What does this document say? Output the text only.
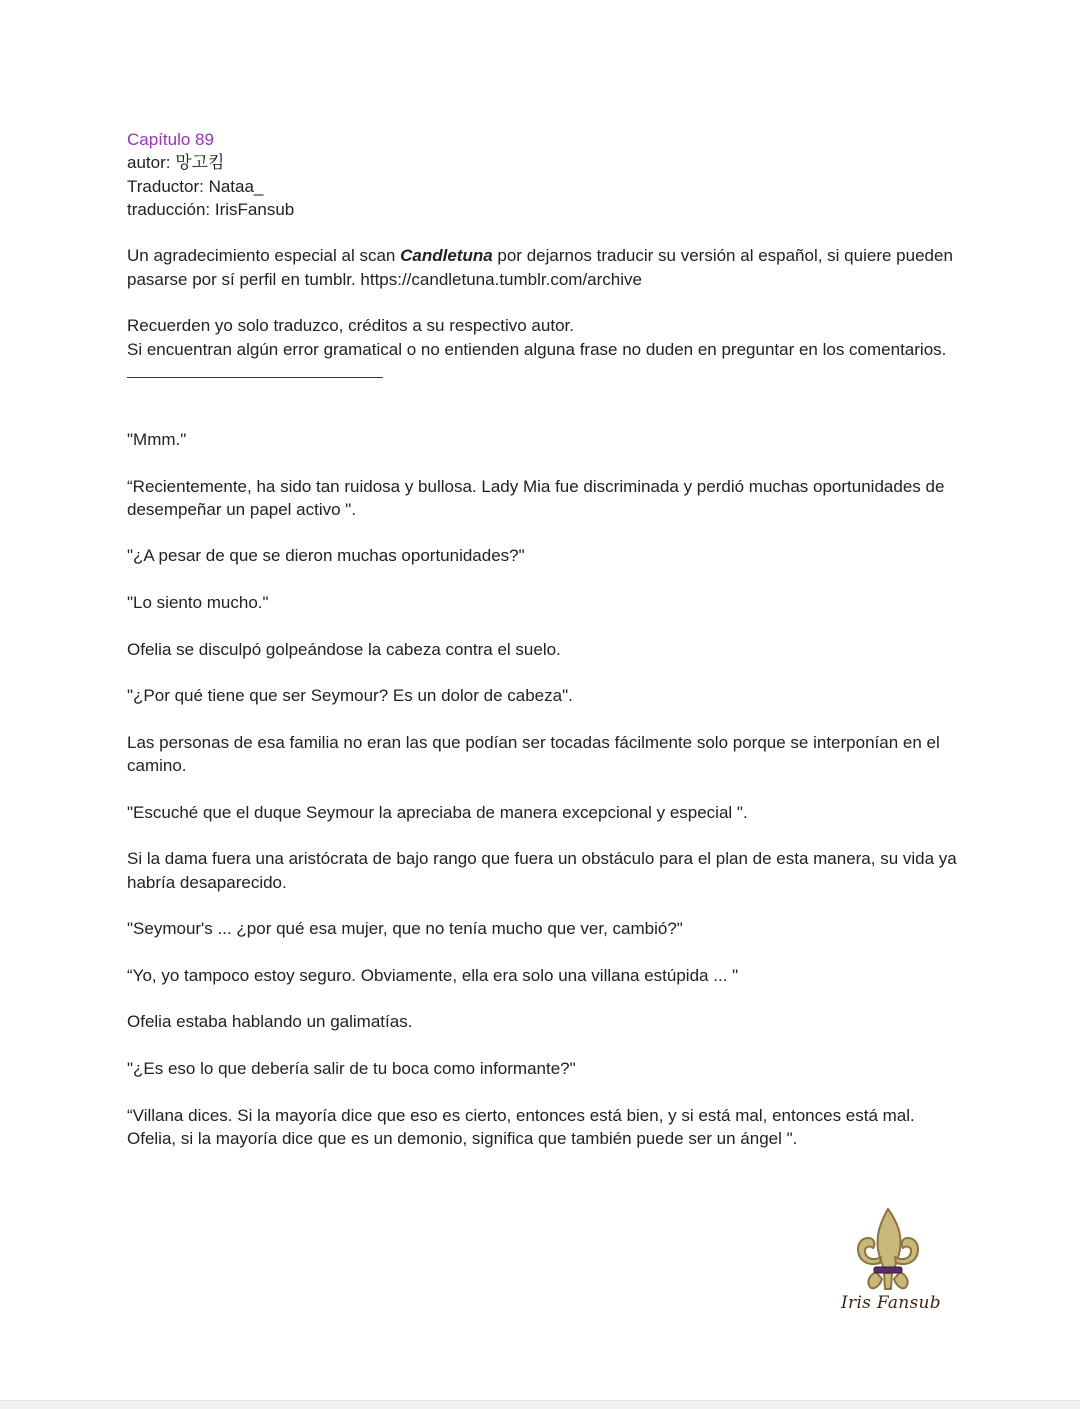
Capítulo 89

autor: 망고킴

Traductor: Nataa_

traducción: IrisFansub

Un agradecimiento especial al scan Candletuna por dejarnos traducir su versión al español, si quiere pueden pasarse por sí perfil en tumblr. https://candletuna.tumblr.com/archive

Recuerden yo solo traduzco, créditos a su respectivo autor.

Si encuentran algún error gramatical o no entienden alguna frase no duden en preguntar en los comentarios.

"Mmm."

“Recientemente, ha sido tan ruidosa y bullosa. Lady Mia fue discriminada y perdió muchas oportunidades de desempeñar un papel activo ".

"¿A pesar de que se dieron muchas oportunidades?"

"Lo siento mucho."

Ofelia se disculpó golpeándose la cabeza contra el suelo.

"¿Por qué tiene que ser Seymour? Es un dolor de cabeza".

Las personas de esa familia no eran las que podían ser tocadas fácilmente solo porque se interponían en el camino.

"Escuché que el duque Seymour la apreciaba de manera excepcional y especial ".

Si la dama fuera una aristócrata de bajo rango que fuera un obstáculo para el plan de esta manera, su vida ya habría desaparecido.

"Seymour's ... ¿por qué esa mujer, que no tenía mucho que ver, cambió?"

“Yo, yo tampoco estoy seguro. Obviamente, ella era solo una villana estúpida ... "

Ofelia estaba hablando un galimatías.

"¿Es eso lo que debería salir de tu boca como informante?"

“Villana dices. Si la mayoría dice que eso es cierto, entonces está bien, y si está mal, entonces está mal. Ofelia, si la mayoría dice que es un demonio, significa que también puede ser un ángel ".

Iris Fansub
